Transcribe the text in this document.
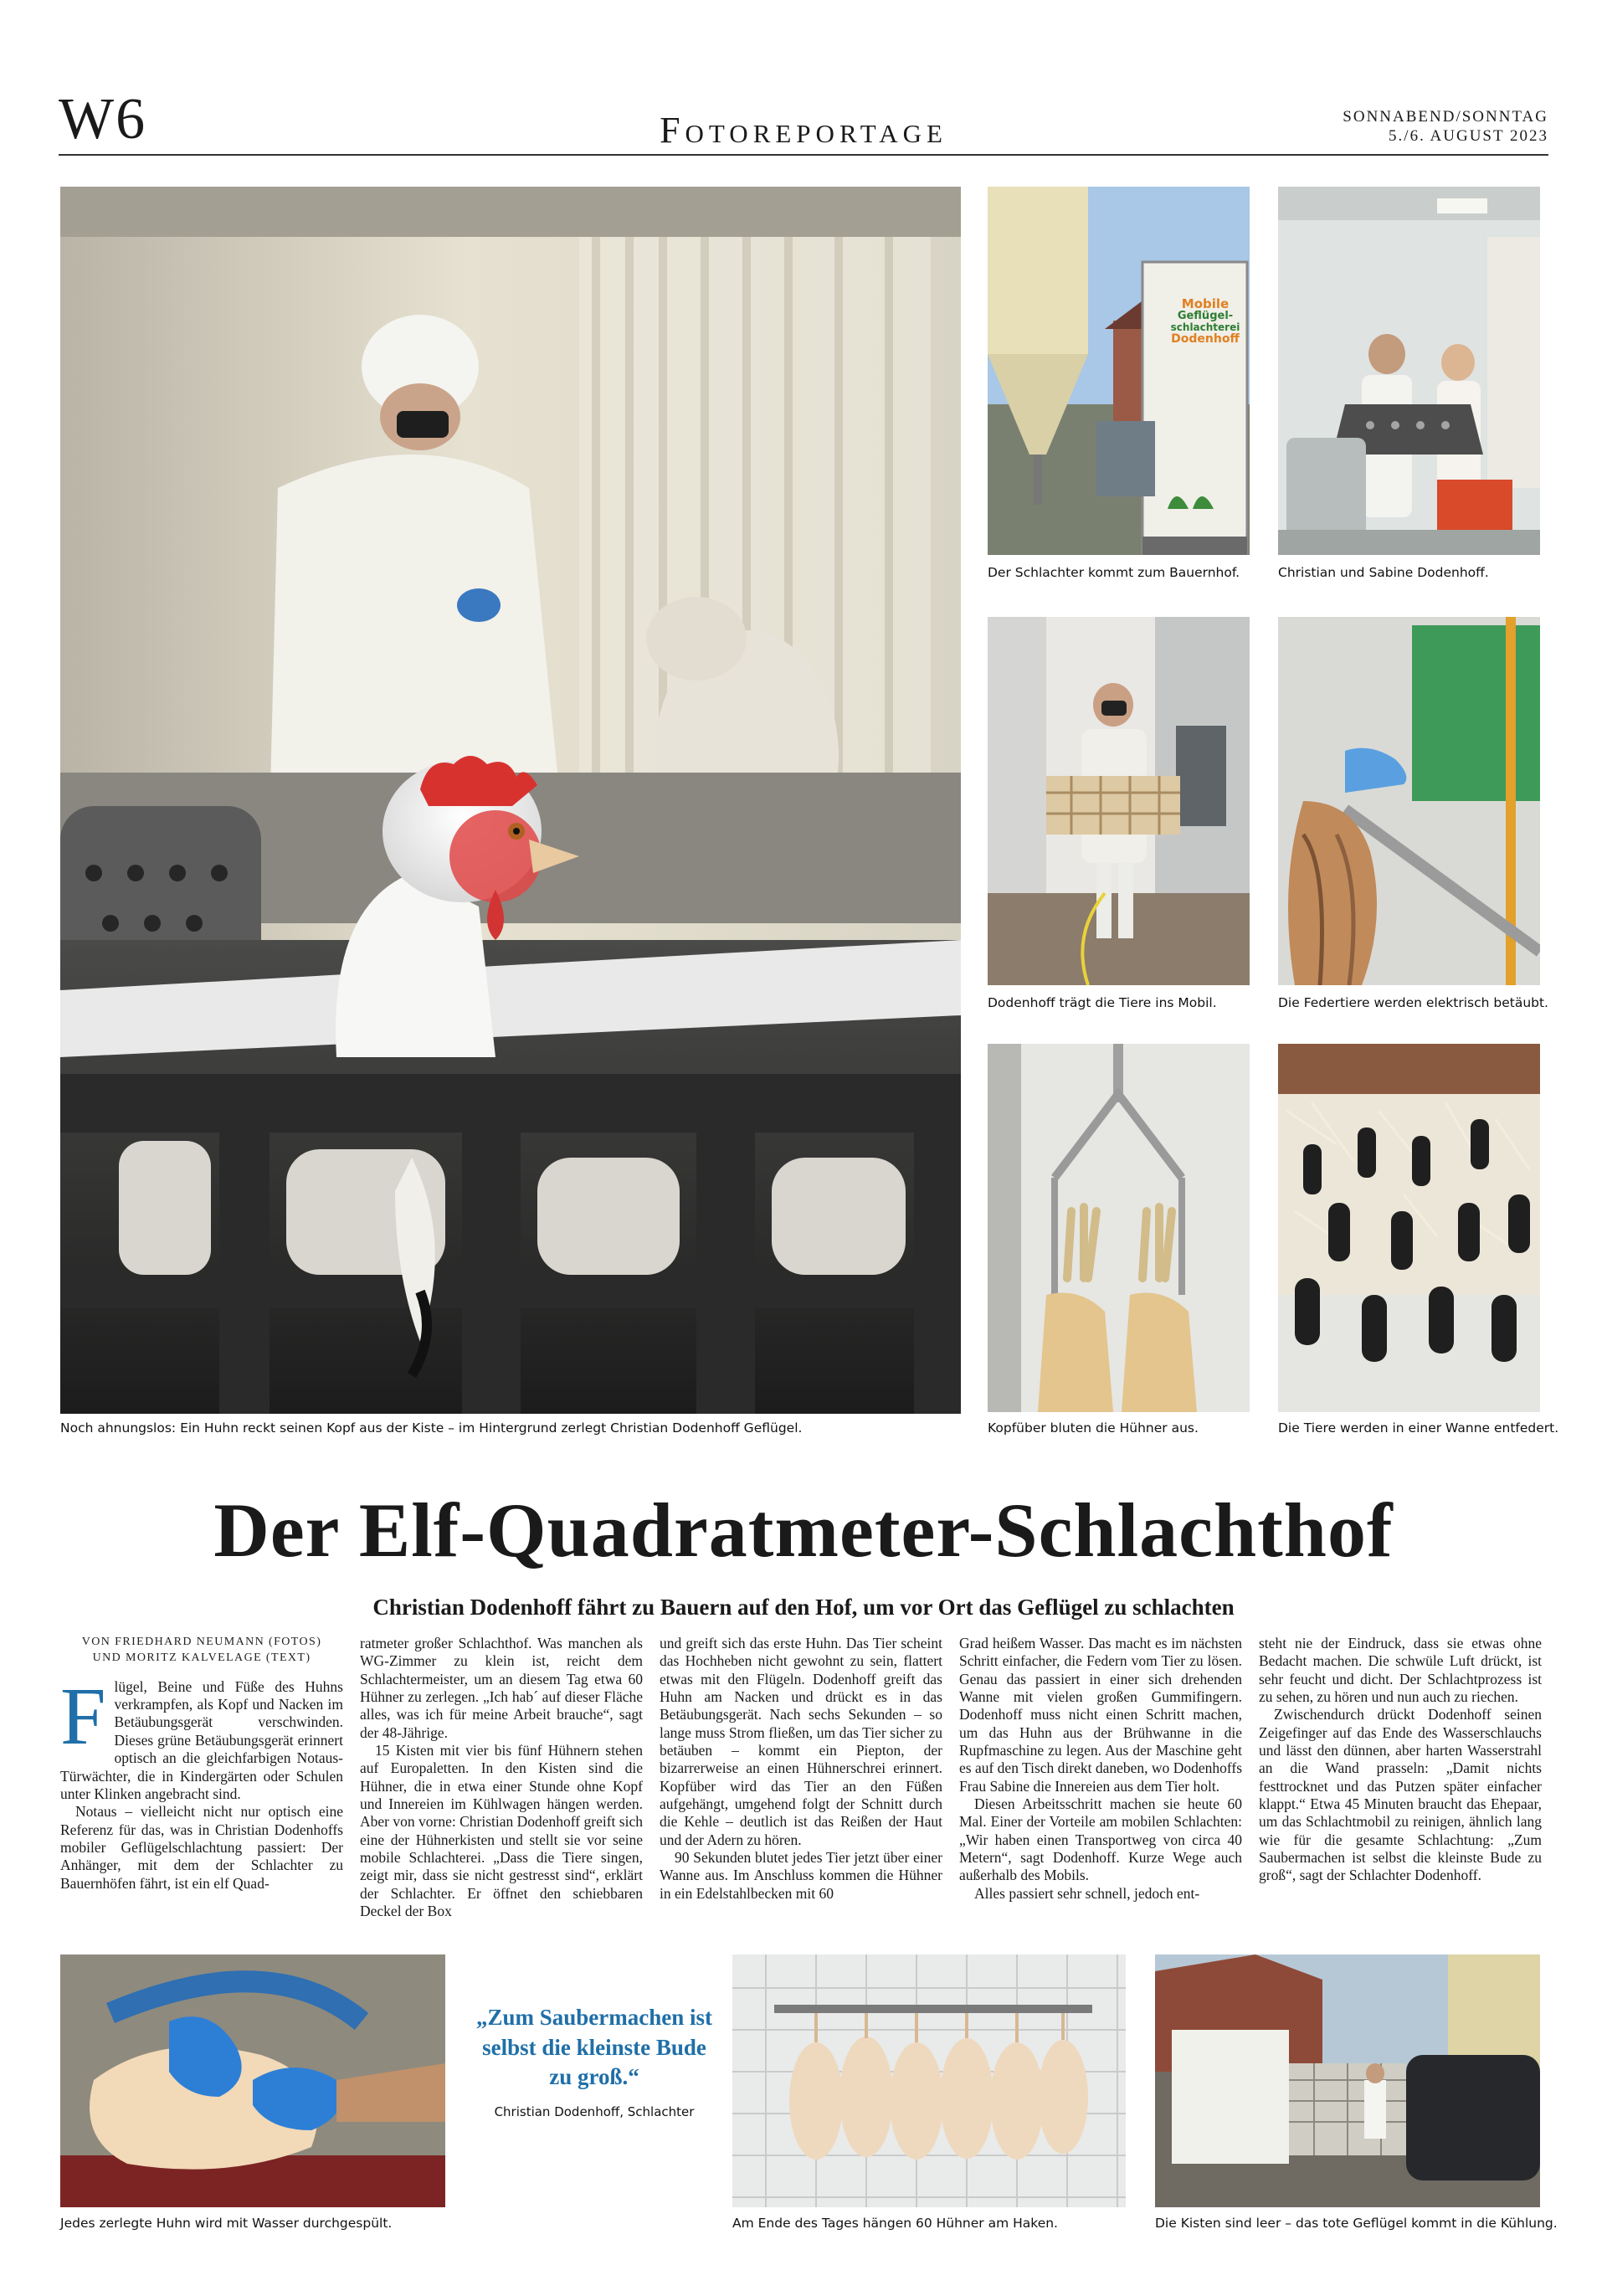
W6	Fotoreportage	SONNABEND/SONNTAG
5./6. AUGUST 2023
Noch ahnungslos: Ein Huhn reckt seinen Kopf aus der Kiste – im Hintergrund zerlegt Christian Dodenhoff Geflügel.
Mobile
Geflügel-
schlachterei
Dodenhoff
Der Schlachter kommt zum Bauernhof.	Christian und Sabine Dodenhoff.
Dodenhoff trägt die Tiere ins Mobil.	Die Federtiere werden elektrisch betäubt.
Kopfüber bluten die Hühner aus.	Die Tiere werden in einer Wanne entfedert.
Der Elf-Quadratmeter-Schlachthof
Christian Dodenhoff fährt zu Bauern auf den Hof, um vor Ort das Geflügel zu schlachten
VON FRIEDHARD NEUMANN (FOTOS)
UND MORITZ KALVELAGE (TEXT)
F lügel, Beine und Füße des Huhns verkrampfen, als Kopf und Nacken im Betäubungsgerät verschwinden. Dieses grüne Betäubungsgerät erinnert optisch an die gleichfarbigen Notaus-Türwächter, die in Kindergärten oder Schulen unter Klinken angebracht sind.

Notaus – vielleicht nicht nur optisch eine Referenz für das, was in Christian Dodenhoffs mobiler Geflügelschlachtung passiert: Der Anhänger, mit dem der Schlachter zu Bauernhöfen fährt, ist ein elf Quad-

ratmeter großer Schlachthof. Was manchen als WG-Zimmer zu klein ist, reicht dem Schlachtermeister, um an diesem Tag etwa 60 Hühner zu zerlegen. „Ich hab´ auf dieser Fläche alles, was ich für meine Arbeit brauche“, sagt der 48-Jährige.

15 Kisten mit vier bis fünf Hühnern stehen auf Europaletten. In den Kisten sind die Hühner, die in etwa einer Stunde ohne Kopf und Innereien im Kühlwagen hängen werden. Aber von vorne: Christian Dodenhoff greift sich eine der Hühnerkisten und stellt sie vor seine mobile Schlachterei. „Dass die Tiere singen, zeigt mir, dass sie nicht gestresst sind“, erklärt der Schlachter. Er öffnet den schiebbaren Deckel der Box

und greift sich das erste Huhn. Das Tier scheint das Hochheben nicht gewohnt zu sein, flattert etwas mit den Flügeln. Dodenhoff greift das Huhn am Nacken und drückt es in das Betäubungsgerät. Nach sechs Sekunden – so lange muss Strom fließen, um das Tier sicher zu betäuben – kommt ein Piepton, der bizarrerweise an einen Hühnerschrei erinnert. Kopfüber wird das Tier an den Füßen aufgehängt, umgehend folgt der Schnitt durch die Kehle – deutlich ist das Reißen der Haut und der Adern zu hören.

90 Sekunden blutet jedes Tier jetzt über einer Wanne aus. Im Anschluss kommen die Hühner in ein Edelstahlbecken mit 60

Grad heißem Wasser. Das macht es im nächsten Schritt einfacher, die Federn vom Tier zu lösen. Genau das passiert in einer sich drehenden Wanne mit vielen großen Gummifingern. Dodenhoff muss nicht einen Schritt machen, um das Huhn aus der Brühwanne in die Rupfmaschine zu legen. Aus der Maschine geht es auf den Tisch direkt daneben, wo Dodenhoffs Frau Sabine die Innereien aus dem Tier holt.

Diesen Arbeitsschritt machen sie heute 60 Mal. Einer der Vorteile am mobilen Schlachten: „Wir haben einen Transportweg von circa 40 Metern“, sagt Dodenhoff. Kurze Wege auch außerhalb des Mobils.

Alles passiert sehr schnell, jedoch ent-

steht nie der Eindruck, dass sie etwas ohne Bedacht machen. Die schwüle Luft drückt, ist sehr feucht und dicht. Der Schlachtprozess ist zu sehen, zu hören und nun auch zu riechen.

Zwischendurch drückt Dodenhoff seinen Zeigefinger auf das Ende des Wasserschlauchs und lässt den dünnen, aber harten Wasserstrahl an die Wand prasseln: „Damit nichts festtrocknet und das Putzen später einfacher klappt.“ Etwa 45 Minuten braucht das Ehepaar, um das Schlachtmobil zu reinigen, ähnlich lang wie für die gesamte Schlachtung: „Zum Saubermachen ist selbst die kleinste Bude zu groß“, sagt der Schlachter Dodenhoff.

Jedes zerlegte Huhn wird mit Wasser durchgespült.
„Zum Saubermachen ist selbst die kleinste Bude zu groß.“
Christian Dodenhoff, Schlachter
Am Ende des Tages hängen 60 Hühner am Haken.	Die Kisten sind leer – das tote Geflügel kommt in die Kühlung.
